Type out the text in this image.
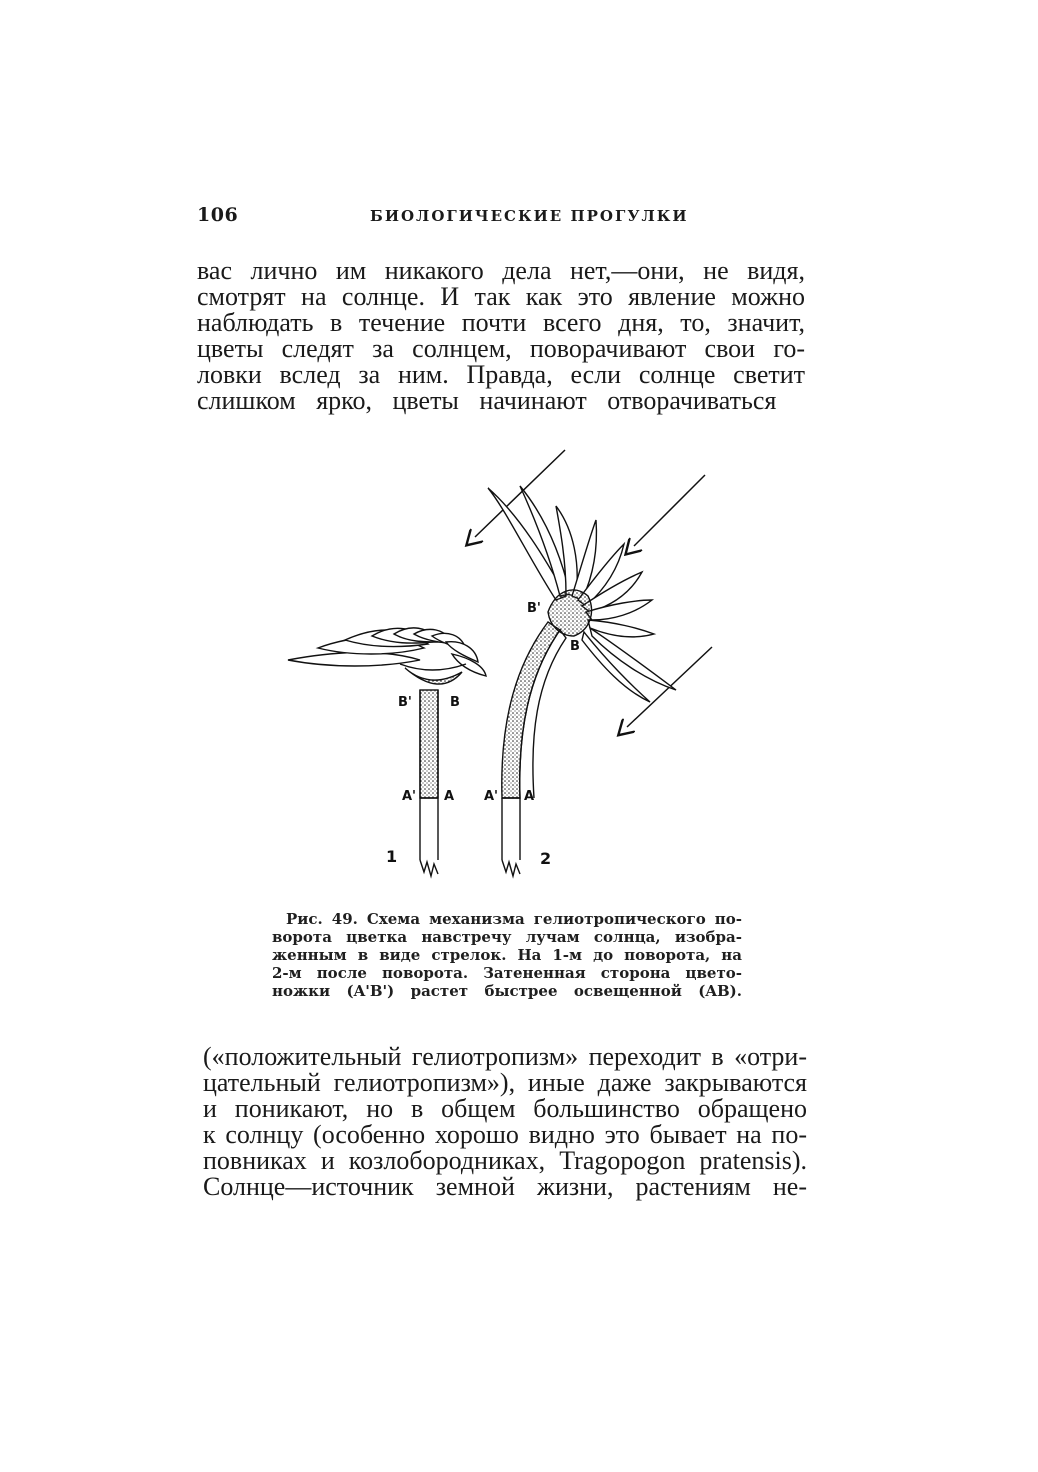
106	БИОЛОГИЧЕСКИЕ ПРОГУЛКИ

вас лично им никакого дела нет,—они, не видя,
смотрят на солнце. И так как это явление можно
наблюдать в течение почти всего дня, то, значит,
цветы следят за солнцем, поворачивают свои го-
ловки вслед за ним. Правда, если солнце светит
слишком ярко, цветы начинают отворачиваться

B'	B
A' A
1
B'
B
A' A
2

Рис. 49. Схема механизма гелиотропического по-
ворота цветка навстречу лучам солнца, изобра-
женным в виде стрелок. На 1-м до поворота, на
2-м после поворота. Затененная сторона цвето-
ножки (A'B') растет быстрее освещенной (AB).

(«положительный гелиотропизм» переходит в «отри-
цательный гелиотропизм»), иные даже закрываются
и поникают, но в общем большинство обращено
к солнцу (особенно хорошо видно это бывает на по-
повниках и козлобородниках, Tragopogon pratensis).
Солнце—источник земной жизни, растениям не-
